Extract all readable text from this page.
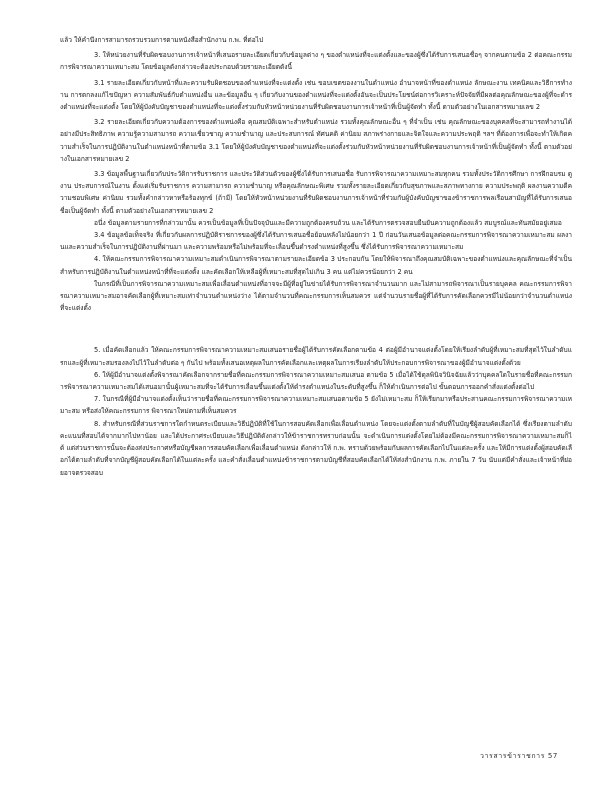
แล้ว ให้คำนึงการสามารถรวบรวมการตามหนังสือสำนักงาน ก.พ. ที่ต่อไป

3. ให้หน่วยงานที่รับผิดชอบงานการเจ้าหน้าที่เสนอรายละเอียดเกี่ยวกับข้อมูลต่าง ๆ ของตำแหน่งที่จะแต่งตั้งและของผู้ซึ่งได้รับการเสนอชื่อๆ จากคนตามข้อ 2 ต่อคณะกรรมการพิจารณาความเหมาะสม โดยข้อมูลดังกล่าวจะต้องประกอบด้วยรายละเอียดดังนี้

3.1 รายละเอียดเกี่ยวกับหน้าที่และความรับผิดชอบของตำแหน่งที่จะแต่งตั้ง เช่น ขอบเขตของงานในตำแหน่ง อำนาจหน้าที่ของตำแหน่ง ลักษณะงาน เทคนิคและวิธีการทำงาน การตกลงแก้ไขปัญหา ความสัมพันธ์กับตำแหน่งอื่น และข้อมูลอื่น ๆ เกี่ยวกับงานของตำแหน่งที่จะแต่งตั้งอันจะเป็นประโยชน์ต่อการวิเคราะห์ปัจจัยที่มีผลต่อคุณลักษณะของผู้ที่จะดำรงตำแหน่งที่จะแต่งตั้ง โดยให้ผู้บังคับบัญชาของตำแหน่งที่จะแต่งตั้งร่วมกับหัวหน้าหน่วยงานที่รับผิดชอบงานการเจ้าหน้าที่เป็นผู้จัดทำ ทั้งนี้ ตามตัวอย่างในเอกสารหมายเลข 2

3.2 รายละเอียดเกี่ยวกับความต้องการของตำแหน่งคือ คุณสมบัติเฉพาะสำหรับตำแหน่ง รวมทั้งคุณลักษณะอื่น ๆ ที่จำเป็น เช่น คุณลักษณะของบุคคลที่จะสามารถทำงานได้อย่างมีประสิทธิภาพ ความรู้ความสามารถ ความเชี่ยวชาญ ความชำนาญ และประสบการณ์ ทัศนคติ ค่านิยม สภาพร่างกายและจิตใจและความประพฤติ ฯลฯ ที่ต้องการเพื่อจะทำให้เกิดความสำเร็จในการปฏิบัติงานในตำแหน่งหน้าที่ตามข้อ 3.1 โดยให้ผู้บังคับบัญชาของตำแหน่งที่จะแต่งตั้งร่วมกับหัวหน้าหน่วยงานที่รับผิดชอบงานการเจ้าหน้าที่เป็นผู้จัดทำ ทั้งนี้ ตามตัวอย่างในเอกสารหมายเลข 2

3.3 ข้อมูลพื้นฐานเกี่ยวกับประวัติการรับราชการ และประวัติส่วนตัวของผู้ซึ่งได้รับการเสนอชื่อ รับการพิจารณาความเหมาะสมทุกคน รวมทั้งประวัติการศึกษา การฝึกอบรม ดูงาน ประสบการณ์ในงาน ตั้งแต่เริ่มรับราชการ ความสามารถ ความชำนาญ หรือคุณลักษณะพิเศษ รวมทั้งรายละเอียดเกี่ยวกับสุขภาพและสภาพทางกาย ความประพฤติ ผลงานความดีความชอบพิเศษ ค่านิยม รวมทั้งคำกล่าวหาหรือร้องทุกข์ (ถ้ามี) โดยให้หัวหน้าหน่วยงานที่รับผิดชอบงานการเจ้าหน้าที่ร่วมกับผู้บังคับบัญชาของข้าราชการพลเรือนสามัญที่ได้รับการเสนอชื่อเป็นผู้จัดทำ ทั้งนี้ ตามตัวอย่างในเอกสารหมายเลข 2

อนึ่ง ข้อมูลตามรายการที่กล่าวมานั้น ควรเป็นข้อมูลที่เป็นปัจจุบันและมีความถูกต้องครบถ้วน และได้รับการตรวจสอบยืนยันความถูกต้องแล้ว สมบูรณ์และทันสมัยอยู่เสมอ

3.4 ข้อมูลข้อเท็จจริง ที่เกี่ยวกับผลการปฏิบัติราชการของผู้ซึ่งได้รับการเสนอชื่อย้อนหลังไม่น้อยกว่า 1 ปี ก่อนวันเสนอข้อมูลต่อคณะกรรมการพิจารณาความเหมาะสม ผลงานและความสำเร็จในการปฏิบัติงานที่ผ่านมา และความพร้อมหรือไม่พร้อมที่จะเลื่อนขึ้นดำรงตำแหน่งที่สูงขึ้น ซึ่งได้รับการพิจารณาความเหมาะสม

4. ให้คณะกรรมการพิจารณาความเหมาะสมดำเนินการพิจารณาตามรายละเอียดข้อ 3 ประกอบกัน โดยให้พิจารณาถึงคุณสมบัติเฉพาะของตำแหน่งและคุณลักษณะที่จำเป็นสำหรับการปฏิบัติงานในตำแหน่งหน้าที่ที่จะแต่งตั้ง และคัดเลือกให้เหลือผู้ที่เหมาะสมที่สุดไม่เกิน 3 คน แต่ไม่ควรน้อยกว่า 2 คน

ในกรณีที่เป็นการพิจารณาความเหมาะสมเพื่อเลื่อนตำแหน่งที่อาจจะมีผู้ที่อยู่ในข่ายได้รับการพิจารณาจำนวนมาก และไม่สามารถพิจารณาเป็นรายบุคคล คณะกรรมการพิจารณาความเหมาะสมอาจคัดเลือกผู้ที่เหมาะสมเท่าจำนวนตำแหน่งว่าง ได้ตามจำนวนที่คณะกรรมการเห็นสมควร แต่จำนวนรายชื่อผู้ที่ได้รับการคัดเลือกควรมีไม่น้อยกว่าจำนวนตำแหน่งที่จะแต่งตั้ง

5. เมื่อคัดเลือกแล้ว ให้คณะกรรมการพิจารณาความเหมาะสมเสนอรายชื่อผู้ได้รับการคัดเลือกตามข้อ 4 ต่อผู้มีอำนาจแต่งตั้งโดยให้เรียงลำดับผู้ที่เหมาะสมที่สุดไว้ในลำดับแรกและผู้ที่เหมาะสมรองลงไปไว้ในลำดับต่อ ๆ กันไป พร้อมทั้งเสนอเหตุผลในการคัดเลือกและเหตุผลในการเรียงลำดับให้ประกอบการพิจารณาของผู้มีอำนาจแต่งตั้งด้วย

6. ให้ผู้มีอำนาจแต่งตั้งพิจารณาคัดเลือกจากรายชื่อที่คณะกรรมการพิจารณาความเหมาะสมเสนอ ตามข้อ 5 เมื่อได้ใช้ดุลพินิจวินิจฉัยแล้วว่าบุคคลใดในรายชื่อที่คณะกรรมการพิจารณาความเหมาะสมได้เสนอมานั้นผู้เหมาะสมที่จะได้รับการเลื่อนขึ้นแต่งตั้งให้ดำรงตำแหน่งในระดับที่สูงขึ้น ก็ให้ดำเนินการต่อไป ขั้นตอนการออกคำสั่งแต่งตั้งต่อไป

7. ในกรณีที่ผู้มีอำนาจแต่งตั้งเห็นว่ารายชื่อที่คณะกรรมการพิจารณาความเหมาะสมเสนอตามข้อ 5 ยังไม่เหมาะสม ก็ให้เรียกมาหรือประสานคณะกรรมการพิจารณาความเหมาะสม หรือส่งให้คณะกรรมการ พิจารณาใหม่ตามที่เห็นสมควร

8. สำหรับกรณีที่ส่วนราชการใดกำหนดระเบียบและวิธีปฏิบัติที่ใช้ในการสอบคัดเลือกเพื่อเลื่อนตำแหน่ง โดยจะแต่งตั้งตามลำดับที่ในบัญชีผู้สอบคัดเลือกได้ ซึ่งเรียงตามลำดับคะแนนที่สอบได้จากมากไปหาน้อย และได้ประกาศระเบียบและวิธีปฏิบัติดังกล่าวให้ข้าราชการทราบก่อนนั้น จะดำเนินการแต่งตั้งโดยไม่ต้องมีคณะกรรมการพิจารณาความเหมาะสมก็ได้ แต่ส่วนราชการนั้นจะต้องส่งประกาศหรือบัญชีผลการสอบคัดเลือกเพื่อเลื่อนตำแหน่ง ดังกล่าวให้ ก.พ. ทราบด้วยพร้อมกับผลการคัดเลือกไปในแต่ละครั้ง และให้มีการแต่งตั้งผู้สอบคัดเลือกได้ตามลำดับที่จากบัญชีผู้สอบคัดเลือกได้ในแต่ละครั้ง และคำสั่งเลื่อนตำแหน่งข้าราชการตามบัญชีที่สอบคัดเลือกได้ให้ส่งสำนักงาน ก.พ. ภายใน 7 วัน นับแต่มีคำสั่งและเจ้าหน้าที่ย่อยอาจตรวจสอบ

วารสารข้าราชการ 57
